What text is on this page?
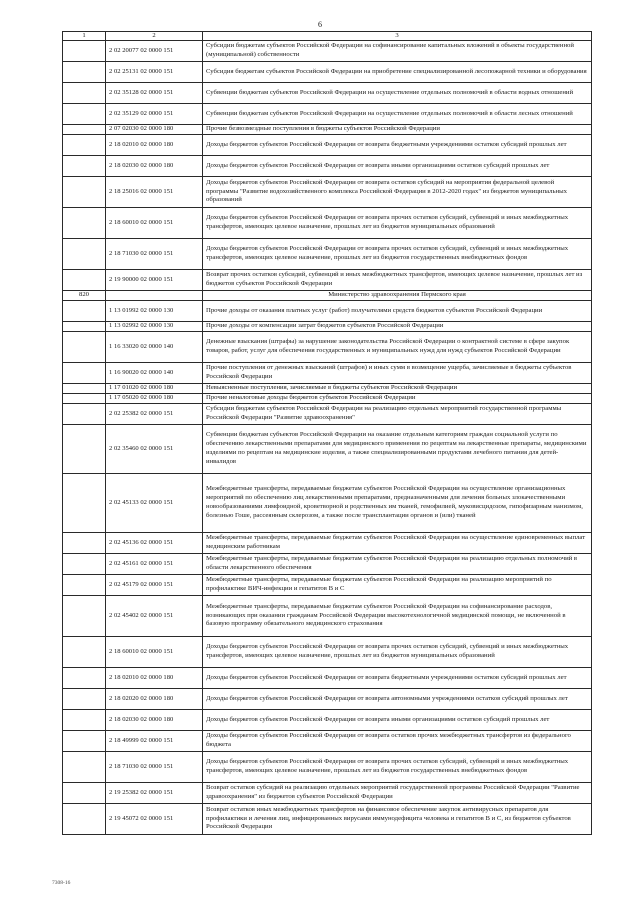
6
1	2	3
	2 02 20077 02 0000 151	Субсидии бюджетам субъектов Российской Федерации на софинансирование капитальных вложений в объекты государственной (муниципальной) собственности
	2 02 25131 02 0000 151	Субсидия бюджетам субъектов Российской Федерации на приобретение специализированной лесопожарной техники и оборудования
	2 02 35128 02 0000 151	Субвенции бюджетам субъектов Российской Федерации на осуществление отдельных полномочий в области водных отношений
	2 02 35129 02 0000 151	Субвенции бюджетам субъектов Российской Федерации на осуществление отдельных полномочий в области лесных отношений
	2 07 02030 02 0000 180	Прочие безвозмездные поступления в бюджеты субъектов Российской Федерации
	2 18 02010 02 0000 180	Доходы бюджетов субъектов Российской Федерации от возврата бюджетными учреждениями остатков субсидий прошлых лет
	2 18 02030 02 0000 180	Доходы бюджетов субъектов Российской Федерации от возврата иными организациями остатков субсидий прошлых лет
	2 18 25016 02 0000 151	Доходы бюджетов субъектов Российской Федерации от возврата остатков субсидий на мероприятия федеральной целевой программы "Развитие водохозяйственного комплекса Российской Федерации в 2012-2020 годах" из бюджетов муниципальных образований
	2 18 60010 02 0000 151	Доходы бюджетов субъектов Российской Федерации от возврата прочих остатков субсидий, субвенций и иных межбюджетных трансфертов, имеющих целевое назначение, прошлых лет из бюджетов муниципальных образований
	2 18 71030 02 0000 151	Доходы бюджетов субъектов Российской Федерации от возврата прочих остатков субсидий, субвенций и иных межбюджетных трансфертов, имеющих целевое назначение, прошлых лет из бюджетов государственных внебюджетных фондов
	2 19 90000 02 0000 151	Возврат прочих остатков субсидий, субвенций и иных межбюджетных трансфертов, имеющих целевое назначение, прошлых лет из бюджетов субъектов Российской Федерации
820		Министерство здравоохранения Пермского края
	1 13 01992 02 0000 130	Прочие доходы от оказания платных услуг (работ) получателями средств бюджетов субъектов Российской Федерации
	1 13 02992 02 0000 130	Прочие доходы от компенсации затрат бюджетов субъектов Российской Федерации
	1 16 33020 02 0000 140	Денежные взыскания (штрафы) за нарушение законодательства Российской Федерации о контрактной системе в сфере закупок товаров, работ, услуг для обеспечения государственных и муниципальных нужд для нужд субъектов Российской Федерации
	1 16 90020 02 0000 140	Прочие поступления от денежных взысканий (штрафов) и иных сумм в возмещение ущерба, зачисляемые в бюджеты субъектов Российской Федерации
	1 17 01020 02 0000 180	Невыясненные поступления, зачисляемые в бюджеты субъектов Российской Федерации
	1 17 05020 02 0000 180	Прочие неналоговые доходы бюджетов субъектов Российской Федерации
	2 02 25382 02 0000 151	Субсидии бюджетам субъектов Российской Федерации на реализацию отдельных мероприятий государственной программы Российской Федерации "Развитие здравоохранения"
	2 02 35460 02 0000 151	Субвенции бюджетам субъектов Российской Федерации на оказание отдельным категориям граждан социальной услуги по обеспечению лекарственными препаратами для медицинского применения по рецептам на лекарственные препараты, медицинскими изделиями по рецептам на медицинские изделия, а также специализированными продуктами лечебного питания для детей-инвалидов
	2 02 45133 02 0000 151	Межбюджетные трансферты, передаваемые бюджетам субъектов Российской Федерации на осуществление организационных мероприятий по обеспечению лиц лекарственными препаратами, предназначенными для лечения больных злокачественными новообразованиями лимфоидной, кроветворной и родственных им тканей, гемофилией, муковисцидозом, гипофизарным нанизмом, болезнью Гоше, рассеянным склерозом, а также после трансплантации органов и (или) тканей
	2 02 45136 02 0000 151	Межбюджетные трансферты, передаваемые бюджетам субъектов Российской Федерации на осуществление единовременных выплат медицинским работникам
	2 02 45161 02 0000 151	Межбюджетные трансферты, передаваемые бюджетам субъектов Российской Федерации на реализацию отдельных полномочий в области лекарственного обеспечения
	2 02 45179 02 0000 151	Межбюджетные трансферты, передаваемые бюджетам субъектов Российской Федерации на реализацию мероприятий по профилактике ВИЧ-инфекции и гепатитов В и С
	2 02 45402 02 0000 151	Межбюджетные трансферты, передаваемые бюджетам субъектов Российской Федерации на софинансирование расходов, возникающих при оказании гражданам Российской Федерации высокотехнологичной медицинской помощи, не включенной в базовую программу обязательного медицинского страхования
	2 18 60010 02 0000 151	Доходы бюджетов субъектов Российской Федерации от возврата прочих остатков субсидий, субвенций и иных межбюджетных трансфертов, имеющих целевое назначение, прошлых лет из бюджетов муниципальных образований
	2 18 02010 02 0000 180	Доходы бюджетов субъектов Российской Федерации от возврата бюджетными учреждениями остатков субсидий прошлых лет
	2 18 02020 02 0000 180	Доходы бюджетов субъектов Российской Федерации от возврата автономными учреждениями остатков субсидий прошлых лет
	2 18 02030 02 0000 180	Доходы бюджетов субъектов Российской Федерации от возврата иными организациями остатков субсидий прошлых лет
	2 18 49999 02 0000 151	Доходы бюджетов субъектов Российской Федерации от возврата остатков прочих межбюджетных трансфертов из федерального бюджета
	2 18 71030 02 0000 151	Доходы бюджетов субъектов Российской Федерации от возврата прочих остатков субсидий, субвенций и иных межбюджетных трансфертов, имеющих целевое назначение, прошлых лет из бюджетов государственных внебюджетных фондов
	2 19 25382 02 0000 151	Возврат остатков субсидий на реализацию отдельных мероприятий государственной программы Российской Федерации "Развитие здравоохранения" из бюджетов субъектов Российской Федерации
	2 19 45072 02 0000 151	Возврат остатков иных межбюджетных трансфертов на финансовое обеспечение закупок антивирусных препаратов для профилактики и лечения лиц, инфицированных вирусами иммунодефицита человека и гепатитов В и С, из бюджетов субъектов Российской Федерации
7308-16
